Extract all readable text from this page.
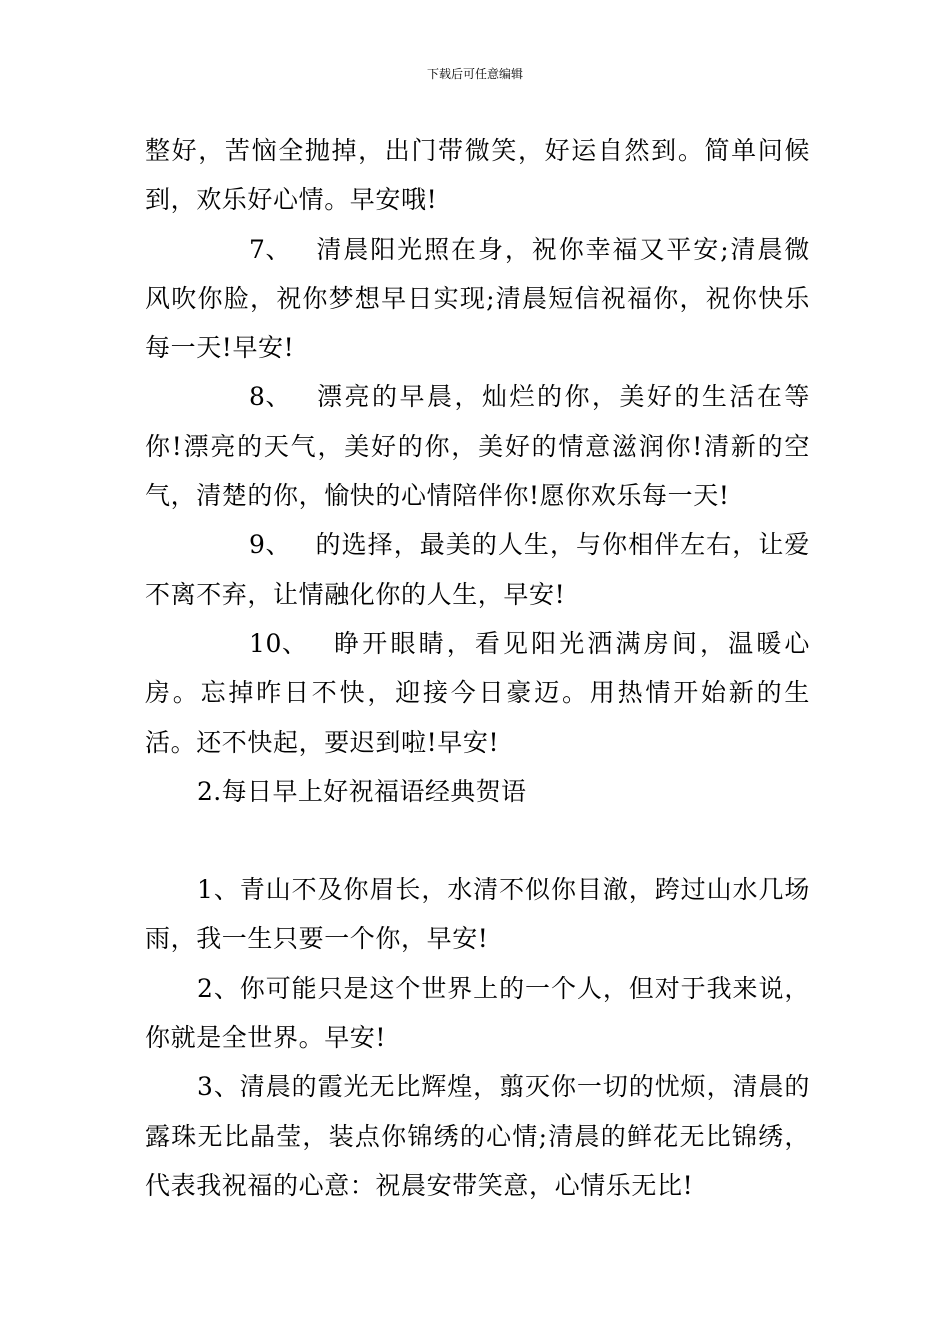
下载后可任意编辑

整好，苦恼全抛掉，出门带微笑，好运自然到。简单问候到，欢乐好心情。早安哦!

7、 清晨阳光照在身，祝你幸福又平安;清晨微风吹你脸，祝你梦想早日实现;清晨短信祝福你，祝你快乐每一天!早安!

8、 漂亮的早晨，灿烂的你，美好的生活在等你!漂亮的天气，美好的你，美好的情意滋润你!清新的空气，清楚的你，愉快的心情陪伴你!愿你欢乐每一天!

9、 的选择，最美的人生，与你相伴左右，让爱不离不弃，让情融化你的人生，早安!

10、 睁开眼睛，看见阳光洒满房间，温暖心房。忘掉昨日不快，迎接今日豪迈。用热情开始新的生活。还不快起，要迟到啦!早安!

2.每日早上好祝福语经典贺语

1、青山不及你眉长，水清不似你目澈，跨过山水几场雨，我一生只要一个你，早安!

2、你可能只是这个世界上的一个人，但对于我来说，你就是全世界。早安!

3、清晨的霞光无比辉煌，翦灭你一切的忧烦，清晨的露珠无比晶莹，装点你锦绣的心情;清晨的鲜花无比锦绣，代表我祝福的心意：祝晨安带笑意，心情乐无比!
